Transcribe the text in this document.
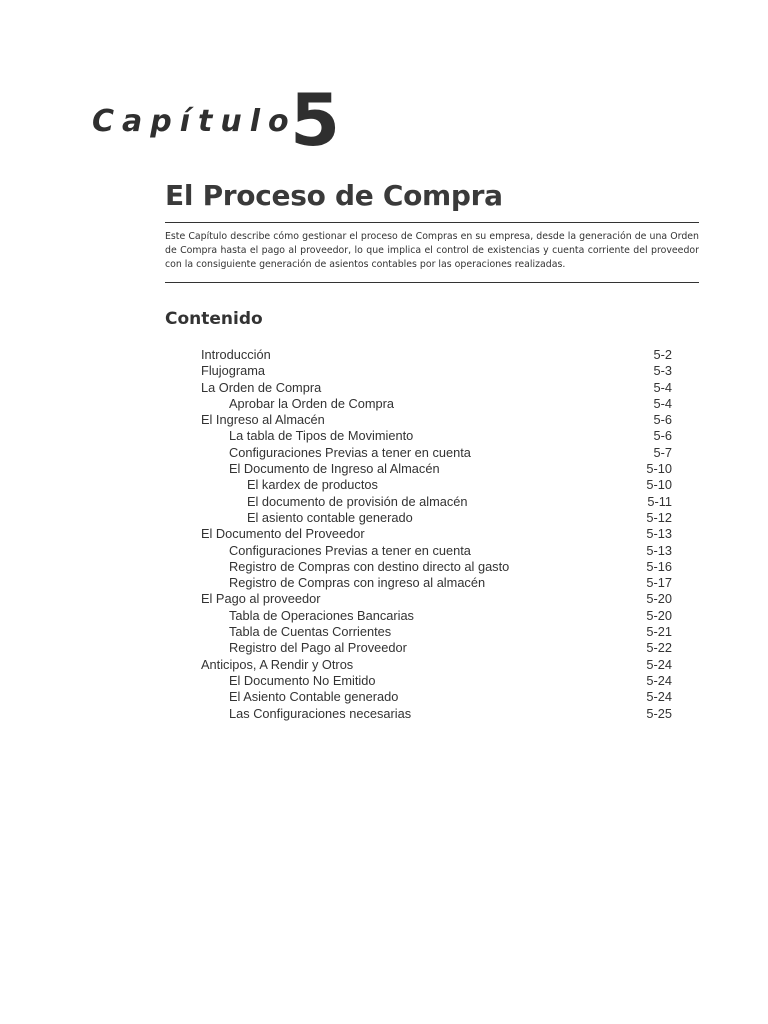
Capítulo
5
El Proceso de Compra
Este Capítulo describe cómo gestionar el proceso de Compras en su empresa, desde la generación de una Orden de Compra hasta el pago al proveedor, lo que implica el control de existencias y cuenta corriente del proveedor con la consiguiente generación de asientos contables por las operaciones realizadas.
Contenido
Introducción	5-2
Flujograma	5-3
La Orden de Compra	5-4
Aprobar la Orden de Compra	5-4
El Ingreso al Almacén	5-6
La tabla de Tipos de Movimiento	5-6
Configuraciones Previas a tener en cuenta	5-7
El Documento de Ingreso al Almacén	5-10
El kardex de productos	5-10
El documento de provisión de almacén	5-11
El asiento contable generado	5-12
El Documento del Proveedor	5-13
Configuraciones Previas a tener en cuenta	5-13
Registro de Compras con destino directo al gasto	5-16
Registro de Compras con ingreso al almacén	5-17
El Pago al proveedor	5-20
Tabla de Operaciones Bancarias	5-20
Tabla de Cuentas Corrientes	5-21
Registro del Pago al Proveedor	5-22
Anticipos, A Rendir y Otros	5-24
El Documento No Emitido	5-24
El Asiento Contable generado	5-24
Las Configuraciones necesarias	5-25
